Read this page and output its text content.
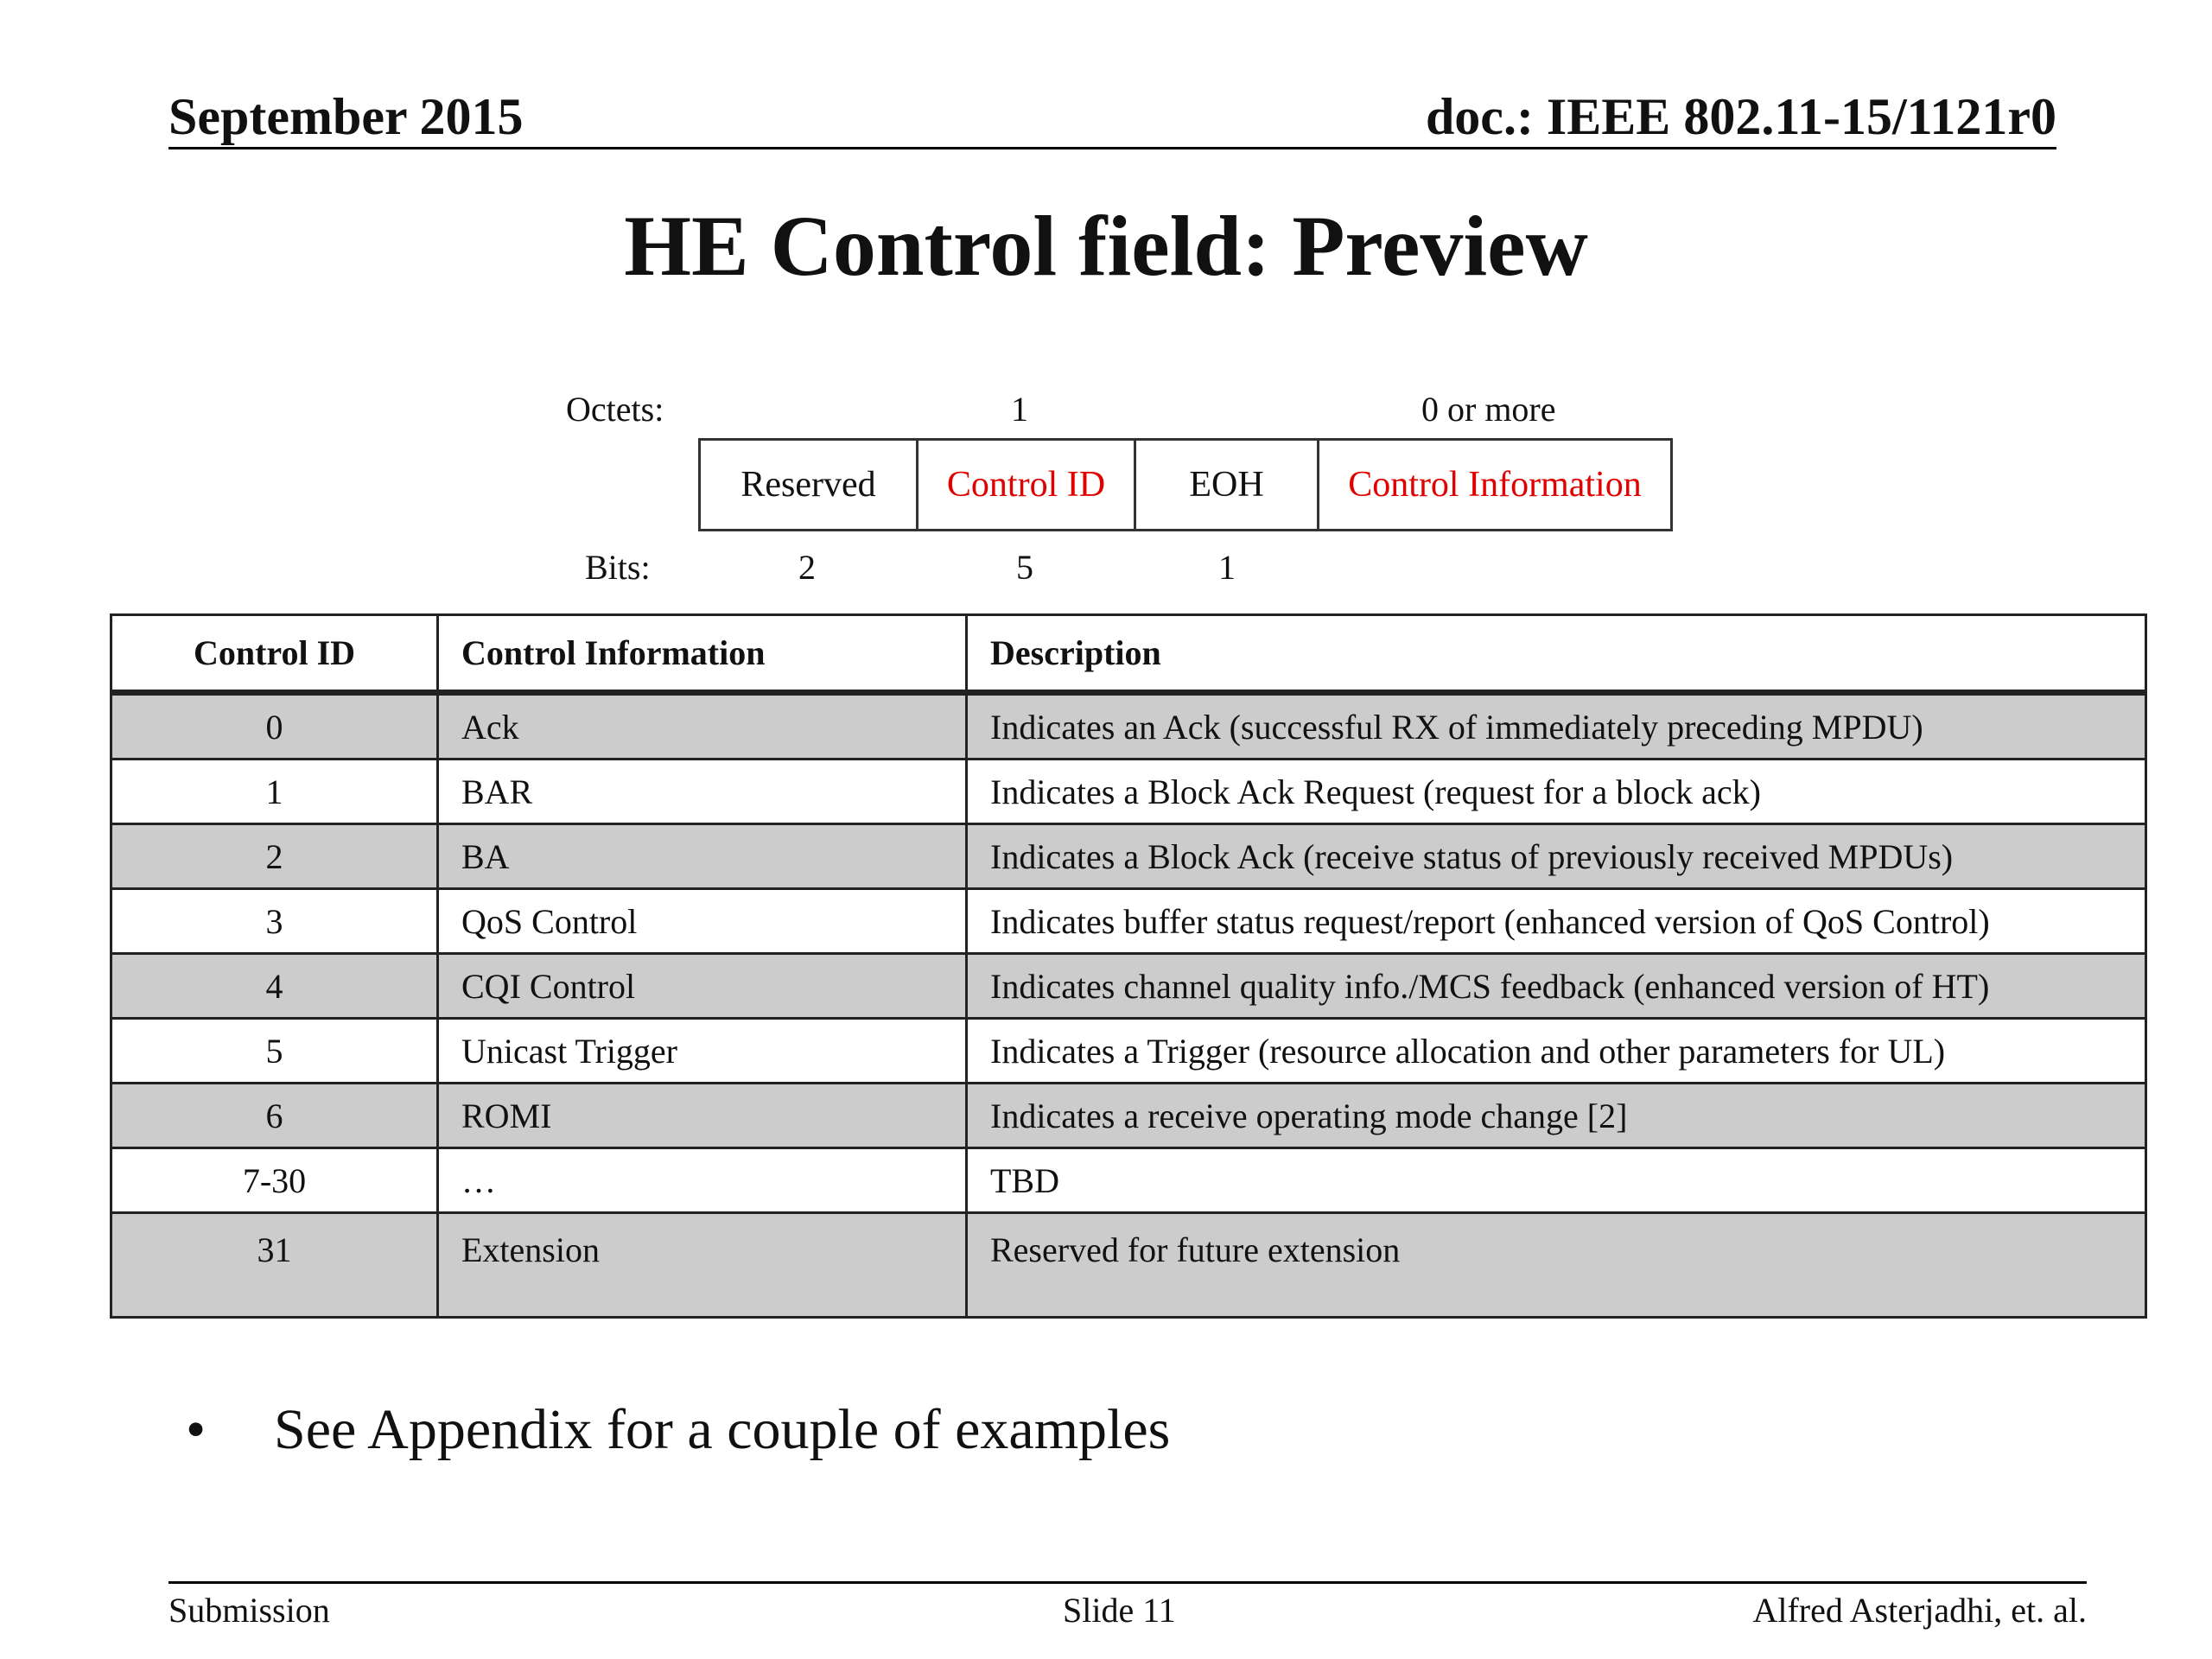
September 2015	doc.: IEEE 802.11-15/1121r0
HE Control field: Preview
Octets:	1	0 or more
Reserved	Control ID	EOH	Control Information
Bits:	2	5	1
Control ID	Control Information	Description
0	Ack	Indicates an Ack (successful RX of immediately preceding MPDU)
1	BAR	Indicates a Block Ack Request (request for a block ack)
2	BA	Indicates a Block Ack (receive status of previously received MPDUs)
3	QoS Control	Indicates buffer status request/report (enhanced version of QoS Control)
4	CQI Control	Indicates channel quality info./MCS feedback (enhanced version of HT)
5	Unicast Trigger	Indicates a Trigger (resource allocation and other parameters for UL)
6	ROMI	Indicates a receive operating mode change [2]
7-30	…	TBD
31	Extension	Reserved for future extension
• See Appendix for a couple of examples
Submission	Slide 11	Alfred Asterjadhi, et. al.
